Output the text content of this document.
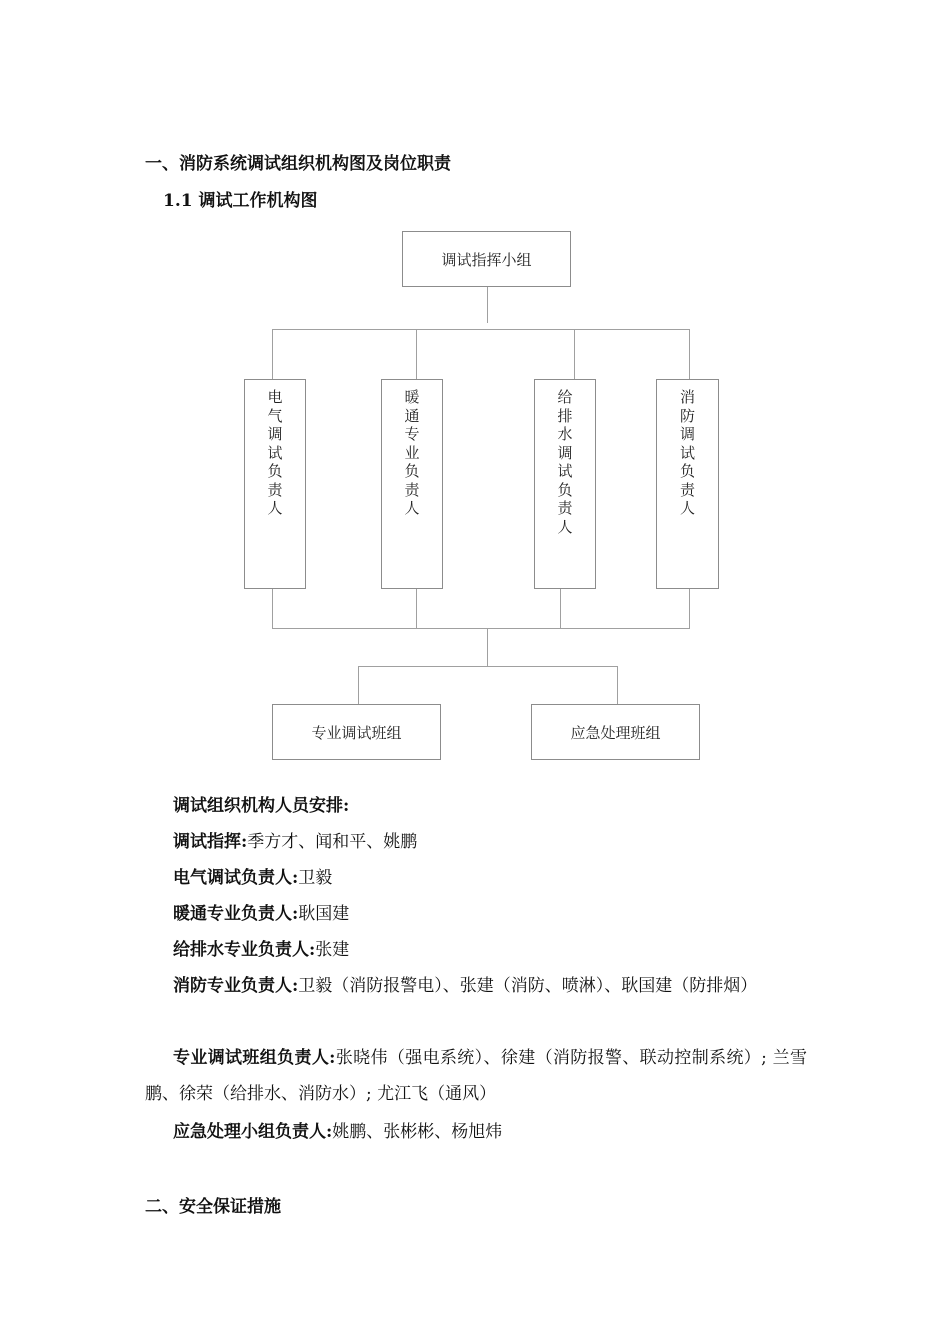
一、消防系统调试组织机构图及岗位职责
1.1 调试工作机构图
调试指挥小组
电气调试负责人
暖通专业负责人
给排水调试负责人
消防调试负责人
专业调试班组	应急处理班组
调试组织机构人员安排:
调试指挥:季方才、闻和平、姚鹏
电气调试负责人:卫毅
暖通专业负责人:耿国建
给排水专业负责人:张建
消防专业负责人:卫毅（消防报警电）、张建（消防、喷淋）、耿国建（防排烟）
专业调试班组负责人:张晓伟（强电系统）、徐建（消防报警、联动控制系统）; 兰雪鹏、徐荣（给排水、消防水）; 尤江飞（通风）
应急处理小组负责人:姚鹏、张彬彬、杨旭炜
二、安全保证措施
